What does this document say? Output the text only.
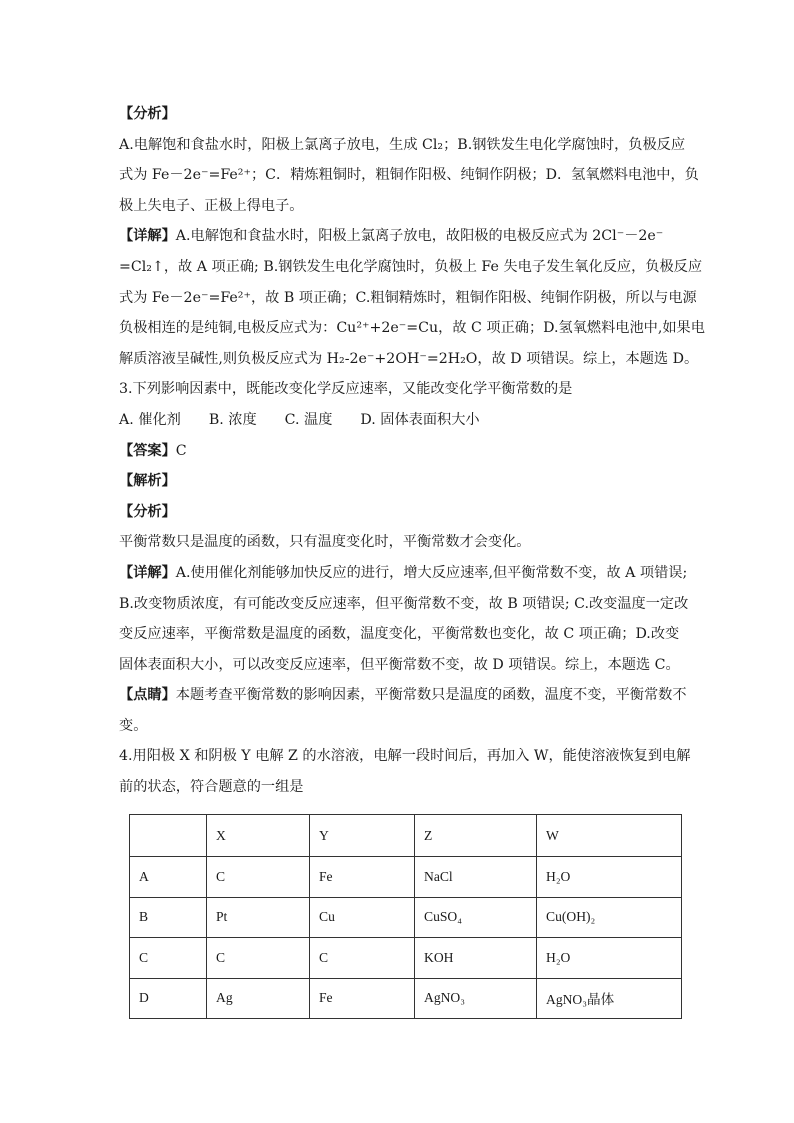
【分析】
A.电解饱和食盐水时，阳极上氯离子放电，生成 Cl₂；B.钢铁发生电化学腐蚀时，负极反应
式为 Fe－2e⁻=Fe²⁺；C．精炼粗铜时，粗铜作阳极、纯铜作阴极；D．氢氧燃料电池中，负
极上失电子、正极上得电子。
【详解】A.电解饱和食盐水时，阳极上氯离子放电，故阳极的电极反应式为 2Cl⁻－2e⁻
=Cl₂↑，故 A 项正确; B.钢铁发生电化学腐蚀时，负极上 Fe 失电子发生氧化反应，负极反应
式为 Fe－2e⁻=Fe²⁺，故 B 项正确；C.粗铜精炼时，粗铜作阳极、纯铜作阴极，所以与电源
负极相连的是纯铜,电极反应式为：Cu²⁺+2e⁻=Cu，故 C 项正确；D.氢氧燃料电池中,如果电
解质溶液呈碱性,则负极反应式为 H₂-2e⁻+2OH⁻=2H₂O，故 D 项错误。综上，本题选 D。
3.下列影响因素中，既能改变化学反应速率，又能改变化学平衡常数的是
A. 催化剂 B. 浓度 C. 温度 D. 固体表面积大小
【答案】C
【解析】
【分析】
平衡常数只是温度的函数，只有温度变化时，平衡常数才会变化。
【详解】A.使用催化剂能够加快反应的进行，增大反应速率,但平衡常数不变，故 A 项错误;
B.改变物质浓度，有可能改变反应速率，但平衡常数不变，故 B 项错误; C.改变温度一定改
变反应速率，平衡常数是温度的函数，温度变化，平衡常数也变化，故 C 项正确；D.改变
固体表面积大小，可以改变反应速率，但平衡常数不变，故 D 项错误。综上，本题选 C。
【点睛】本题考查平衡常数的影响因素，平衡常数只是温度的函数，温度不变，平衡常数不
变。
4.用阳极 X 和阴极 Y 电解 Z 的水溶液，电解一段时间后，再加入 W，能使溶液恢复到电解
前的状态，符合题意的一组是
	X	Y	Z	W
A	C	Fe	NaCl	H₂O
B	Pt	Cu	CuSO₄	Cu(OH)₂
C	C	C	KOH	H₂O
D	Ag	Fe	AgNO₃	AgNO₃晶体
